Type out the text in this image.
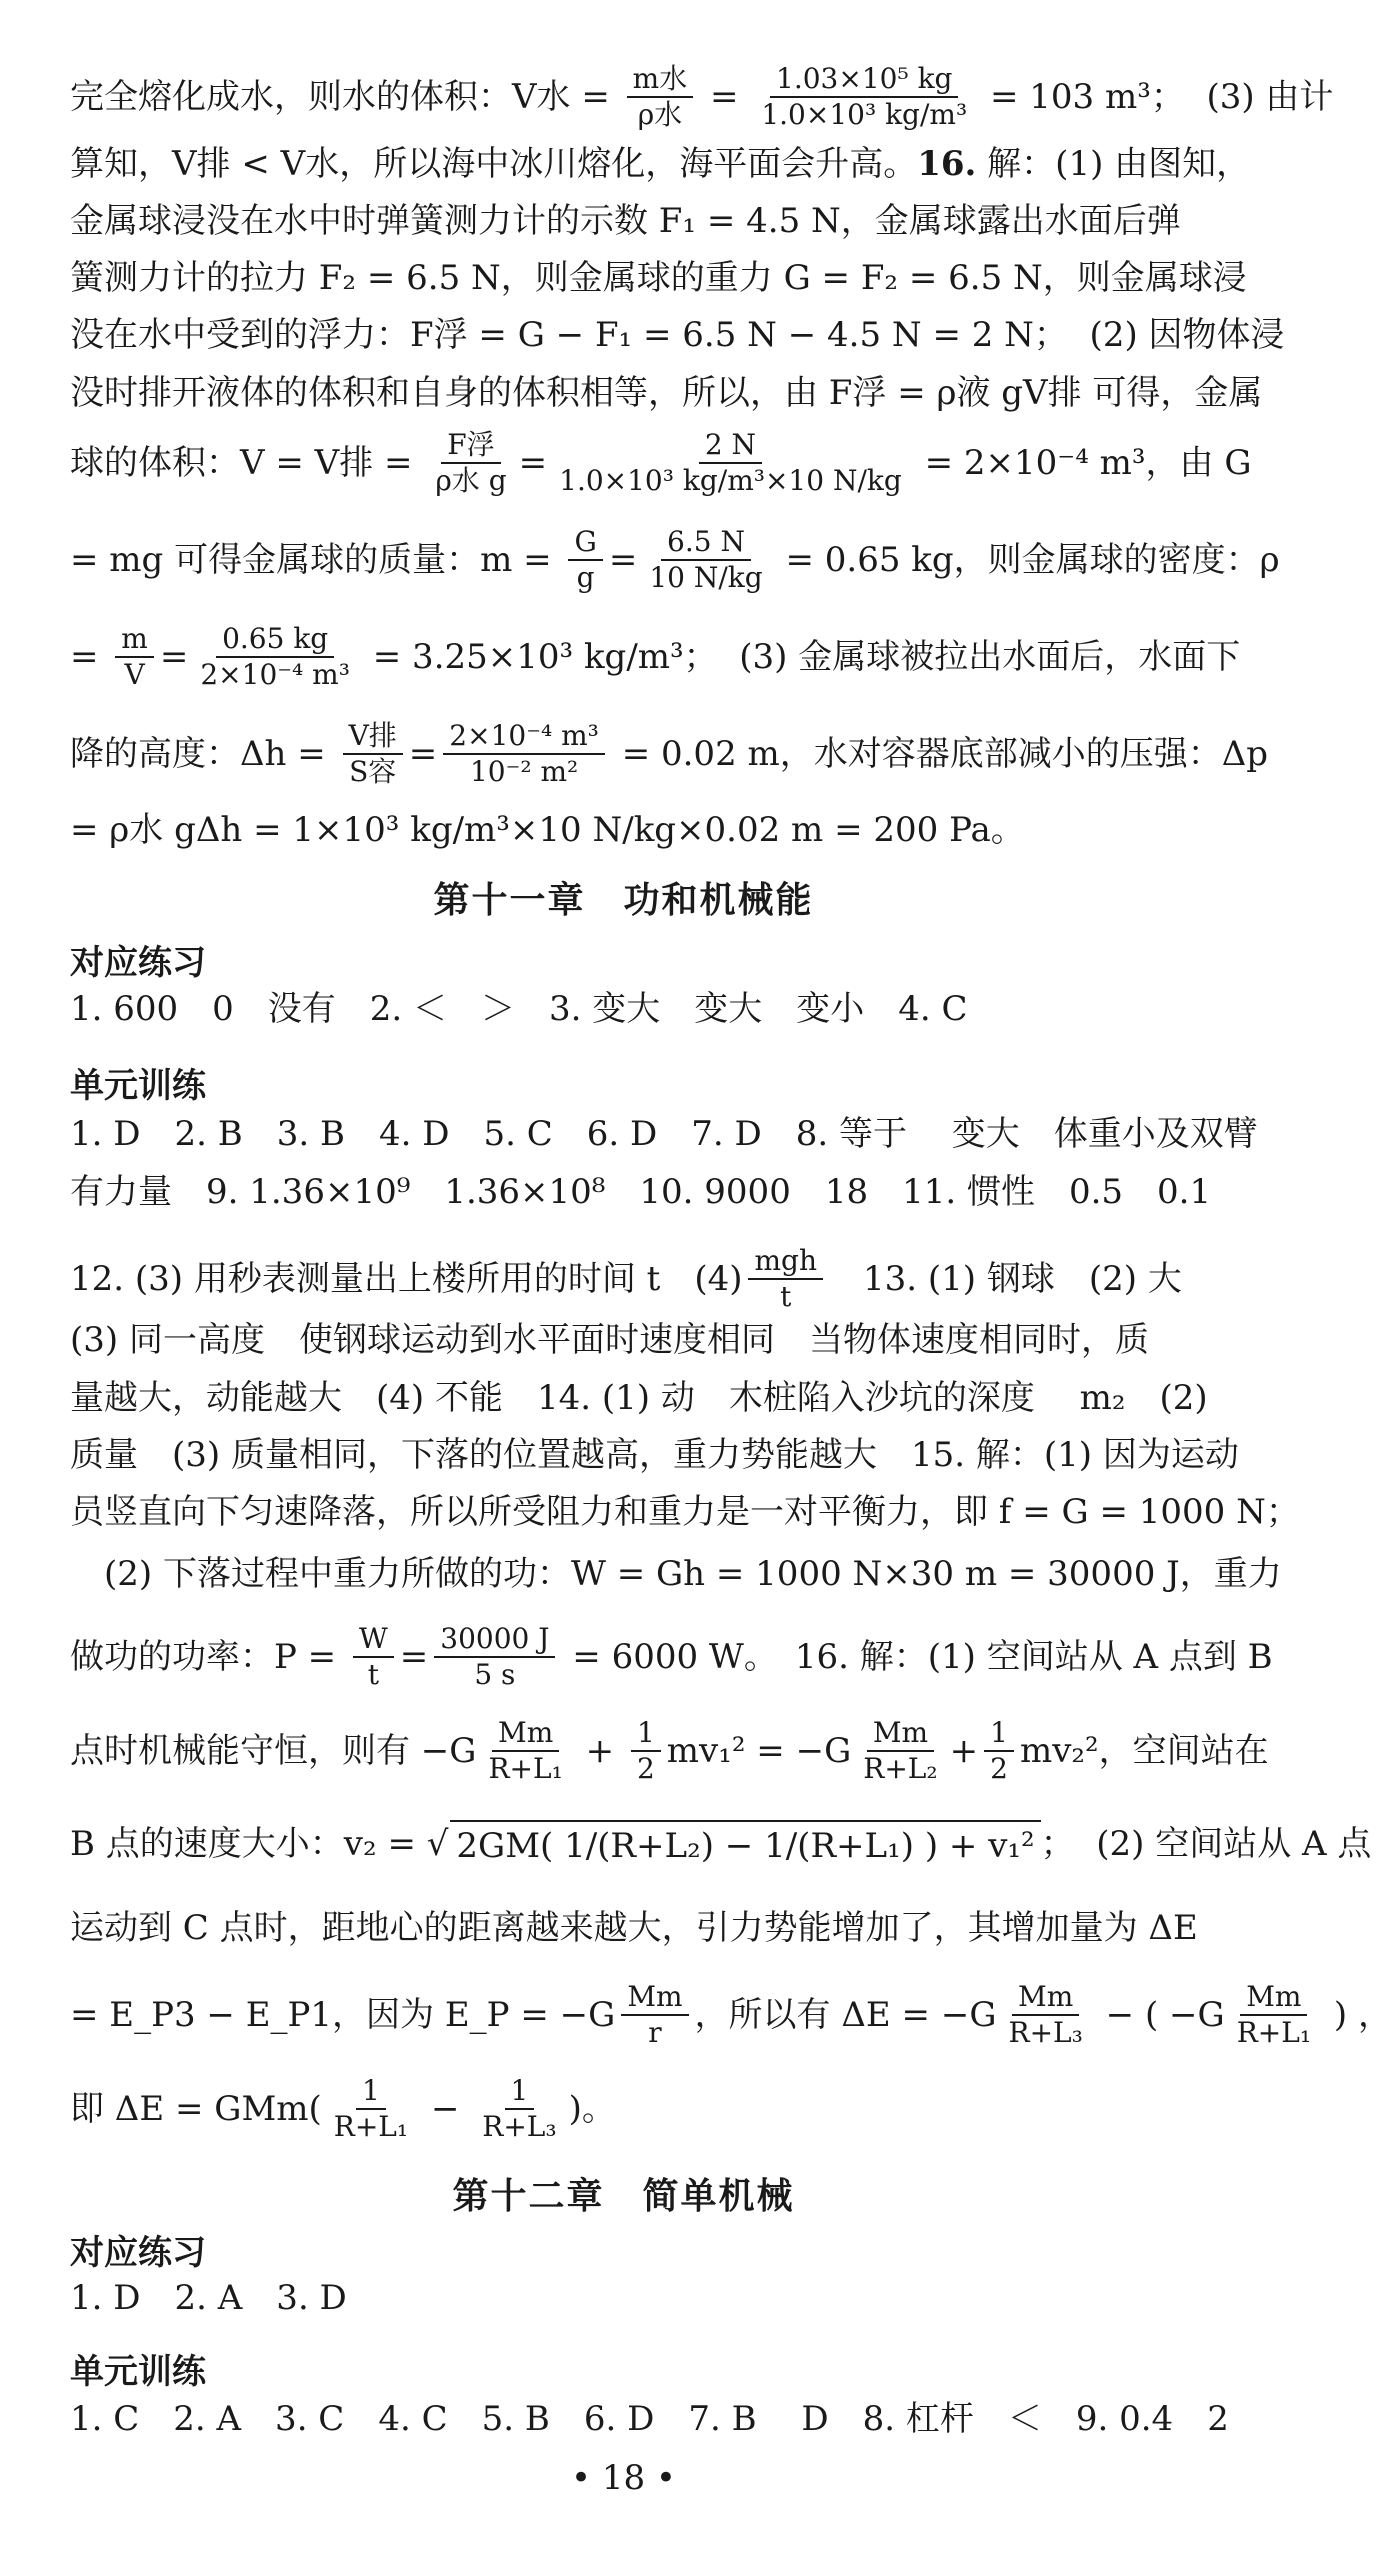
完全熔化成水，则水的体积：V水 = $\frac{\text{m水}}{\text{ρ水}} = \frac{\text{1.03×10⁵ kg}}{\text{1.0×10³ kg/m³}} = 103$ m³；  (3) 由计
算知，V排 < V水，所以海中冰川熔化，海平面会升高。 16. 解：(1) 由图知，
金属球浸没在水中时弹簧测力计的示数 F₁ = 4.5 N，金属球露出水面后弹
簧测力计的拉力 F₂ = 6.5 N，则金属球的重力 G = F₂ = 6.5 N，则金属球浸
没在水中受到的浮力：F浮 = G − F₁ = 6.5 N − 4.5 N = 2 N；  (2) 因物体浸
没时排开液体的体积和自身的体积相等，所以，由 F浮 = ρ液 gV排 可得，金属
球的体积：V = V排 = $\frac{\text{F浮}}{\text{ρ水 g}} = \frac{2 N}{\text{1.0×10³ kg/m³×10 N/kg}} = 2\times 10^{-4}$ m³，由 G
= mg 可得金属球的质量：$m = \frac{G}{g} = \frac{6.5 N}{10 N/kg} = 0.65$ kg，则金属球的密度：ρ
= $\frac{m}{V} = \frac{0.65 kg}{\text{2×10⁻⁴ m³}} = 3.25\times 10^3$ kg/m³；  (3) 金属球被拉出水面后，水面下
降的高度：$\Delta h = \frac{\text{V排}}{\text{S容}} = \frac{\text{2×10⁻⁴ m³}}{\text{10⁻² m²}} = 0.02$ m，水对容器底部减小的压强：Δp
= ρ水 gΔh = 1×10³ kg/m³×10 N/kg×0.02 m = 200 Pa。
第十一章　功和机械能
对应练习
1. 600　0　没有　2. ＜　＞　3. 变大　变大　变小　4. C
单元训练
1. D　2. B　3. B　4. D　5. C　6. D　7. D　8. 等于　 变大　体重小及双臂
有力量　9. 1.36×10⁹　1.36×10⁸　10. 9000　18　11. 惯性　0.5　0.1
12. (3) 用秒表测量出上楼所用的时间 t　$(4) \frac{\text{mgh}}{t}$ 　13. (1) 钢球　(2) 大
(3) 同一高度　使钢球运动到水平面时速度相同　当物体速度相同时，质
量越大，动能越大　(4) 不能　14. (1) 动　木桩陷入沙坑的深度　 m₂　(2)
质量　(3) 质量相同，下落的位置越高，重力势能越大　15. 解：(1) 因为运动
员竖直向下匀速降落，所以所受阻力和重力是一对平衡力，即 f = G = 1000 N；
　(2) 下落过程中重力所做的功：W = Gh = 1000 N×30 m = 30000 J，重力
做功的功率：$P = \frac{W}{t} = \frac{30000 J}{5 s} = 6000$ W。　16. 解：(1) 空间站从 A 点到 B
点时机械能守恒，则有 $-G \frac{Mm}{\text{R+L₁}} + \frac{1}{2} mv_1^2 = -G \frac{Mm}{\text{R+L₂}} + \frac{1}{2} mv_2^2$，空间站在
B 点的速度大小：v₂ = √ 2GM( 1/(R+L₂) − 1/(R+L₁) ) + v₁² ；  (2) 空间站从 A 点
运动到 C 点时，距地心的距离越来越大，引力势能增加了，其增加量为 ΔE
= E_P3 − E_P1，因为 E_P = $-G \frac{Mm}{r}$ ，所以有 $\Delta E = -G \frac{Mm}{\text{R+L₃}}$ − ( $-G \frac{Mm}{\text{R+L₁}}$ ) ，
即 $\Delta E = GMm( \frac{1}{\text{R+L₁}} - \frac{1}{\text{R+L₃}}$ )。
第十二章　简单机械
对应练习
1. D　2. A　3. D
单元训练
1. C　2. A　3. C　4. C　5. B　6. D　7. B　 D　8. 杠杆　＜　9. 0.4　2
• 18 •
